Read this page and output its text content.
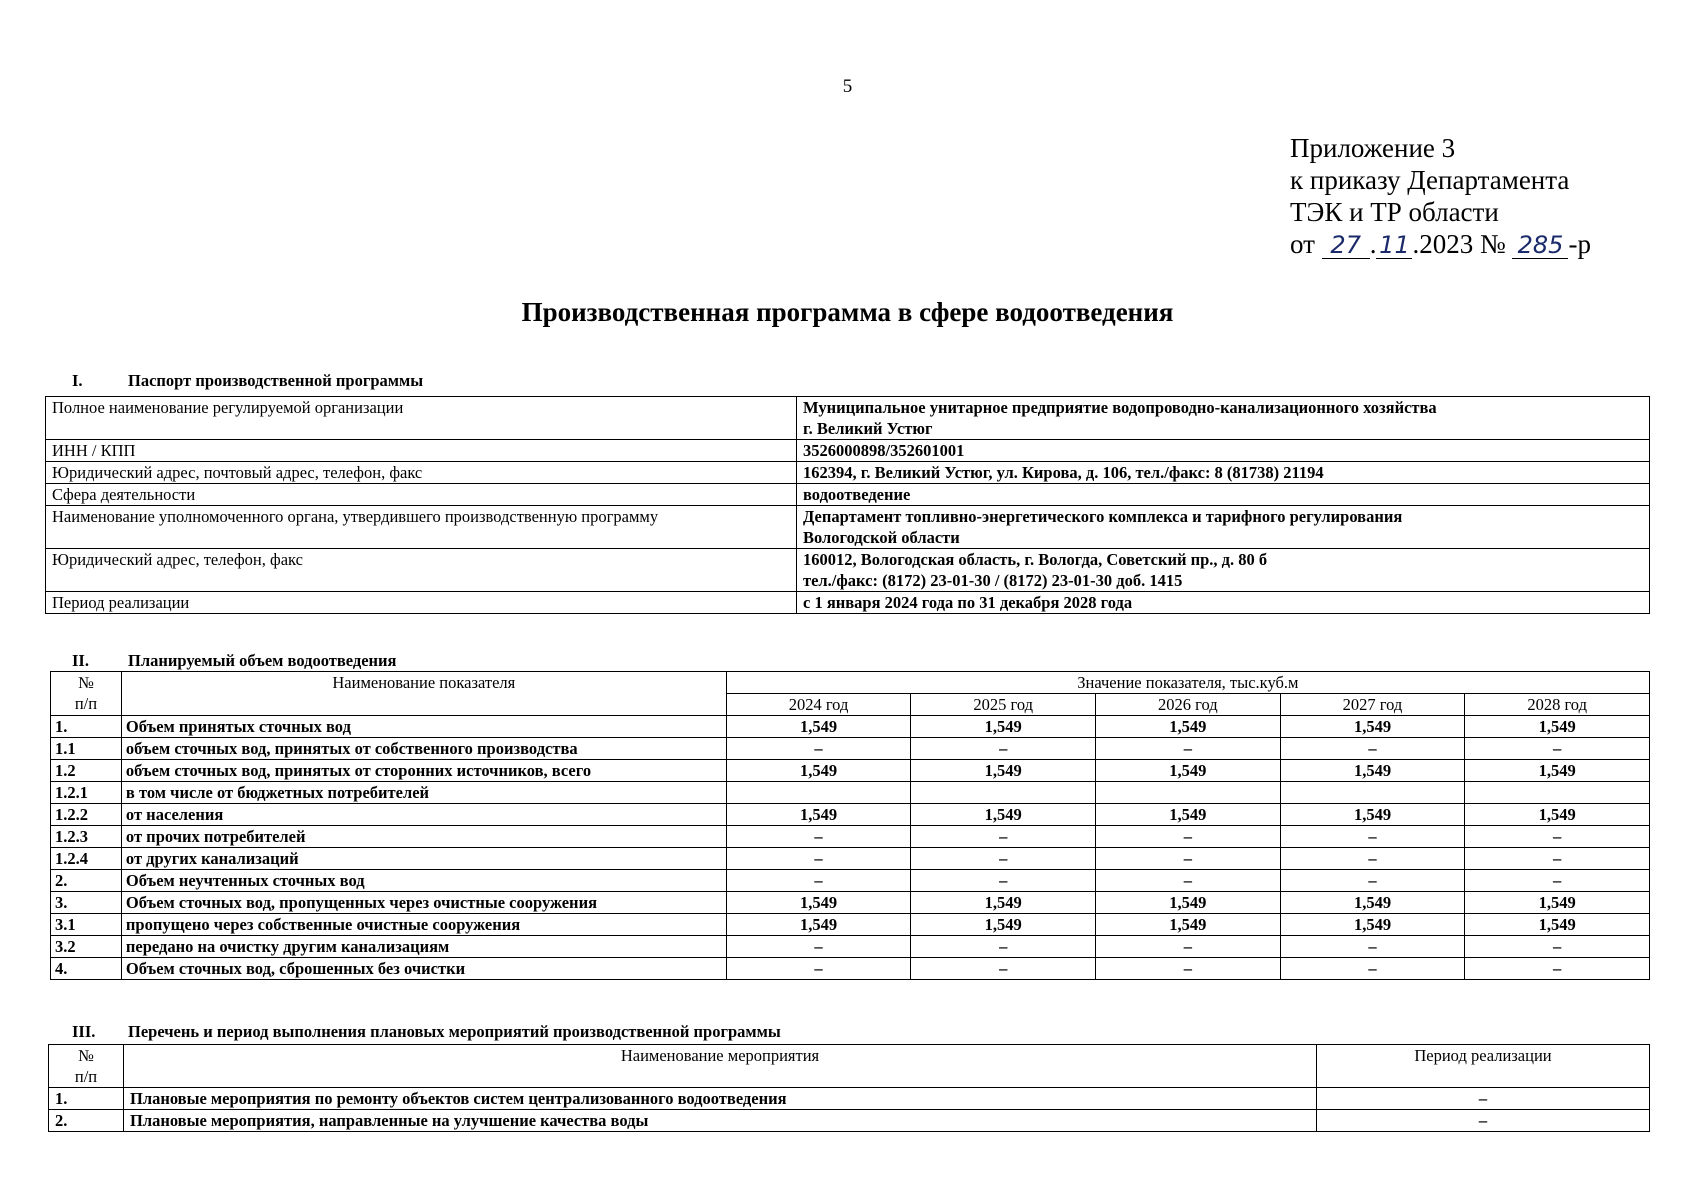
5
Приложение 3
к приказу Департамента
ТЭК и ТР области
от 27 . 11 .2023 № 285 -р
Производственная программа в сфере водоотведения
I.	Паспорт производственной программы
Полное наименование регулируемой организации	Муниципальное унитарное предприятие водопроводно-канализационного хозяйства
г. Великий Устюг

ИНН / КПП	3526000898/352601001

Юридический адрес, почтовый адрес, телефон, факс	162394, г. Великий Устюг, ул. Кирова, д. 106, тел./факс: 8 (81738) 21194

Сфера деятельности	водоотведение

Наименование уполномоченного органа, утвердившего производственную программу	Департамент топливно-энергетического комплекса и тарифного регулирования
Вологодской области

Юридический адрес, телефон, факс	160012, Вологодская область, г. Вологда, Советский пр., д. 80 б
тел./факс: (8172) 23-01-30 / (8172) 23-01-30 доб. 1415

Период реализации	с 1 января 2024 года по 31 декабря 2028 года
II. Планируемый объем водоотведения
№
п/п	Наименование показателя	Значение показателя, тыс.куб.м				
		2024 год	2025 год	2026 год	2027 год	2028 год
1.	Объем принятых сточных вод	1,549	1,549	1,549	1,549	1,549
1.1	объем сточных вод, принятых от собственного производства	–	–	–	–	–
1.2	объем сточных вод, принятых от сторонних источников, всего	1,549	1,549	1,549	1,549	1,549
1.2.1	в том числе от бюджетных потребителей					
1.2.2	от населения	1,549	1,549	1,549	1,549	1,549
1.2.3	от прочих потребителей	–	–	–	–	–
1.2.4	от других канализаций	–	–	–	–	–
2.	Объем неучтенных сточных вод	–	–	–	–	–
3.	Объем сточных вод, пропущенных через очистные сооружения	1,549	1,549	1,549	1,549	1,549
3.1	пропущено через собственные очистные сооружения	1,549	1,549	1,549	1,549	1,549
3.2	передано на очистку другим канализациям	–	–	–	–	–
4.	Объем сточных вод, сброшенных без очистки	–	–	–	–	–
III. Перечень и период выполнения плановых мероприятий производственной программы
№
п/п	Наименование мероприятия	Период реализации
1.	Плановые мероприятия по ремонту объектов систем централизованного водоотведения	–
2.	Плановые мероприятия, направленные на улучшение качества воды	–
